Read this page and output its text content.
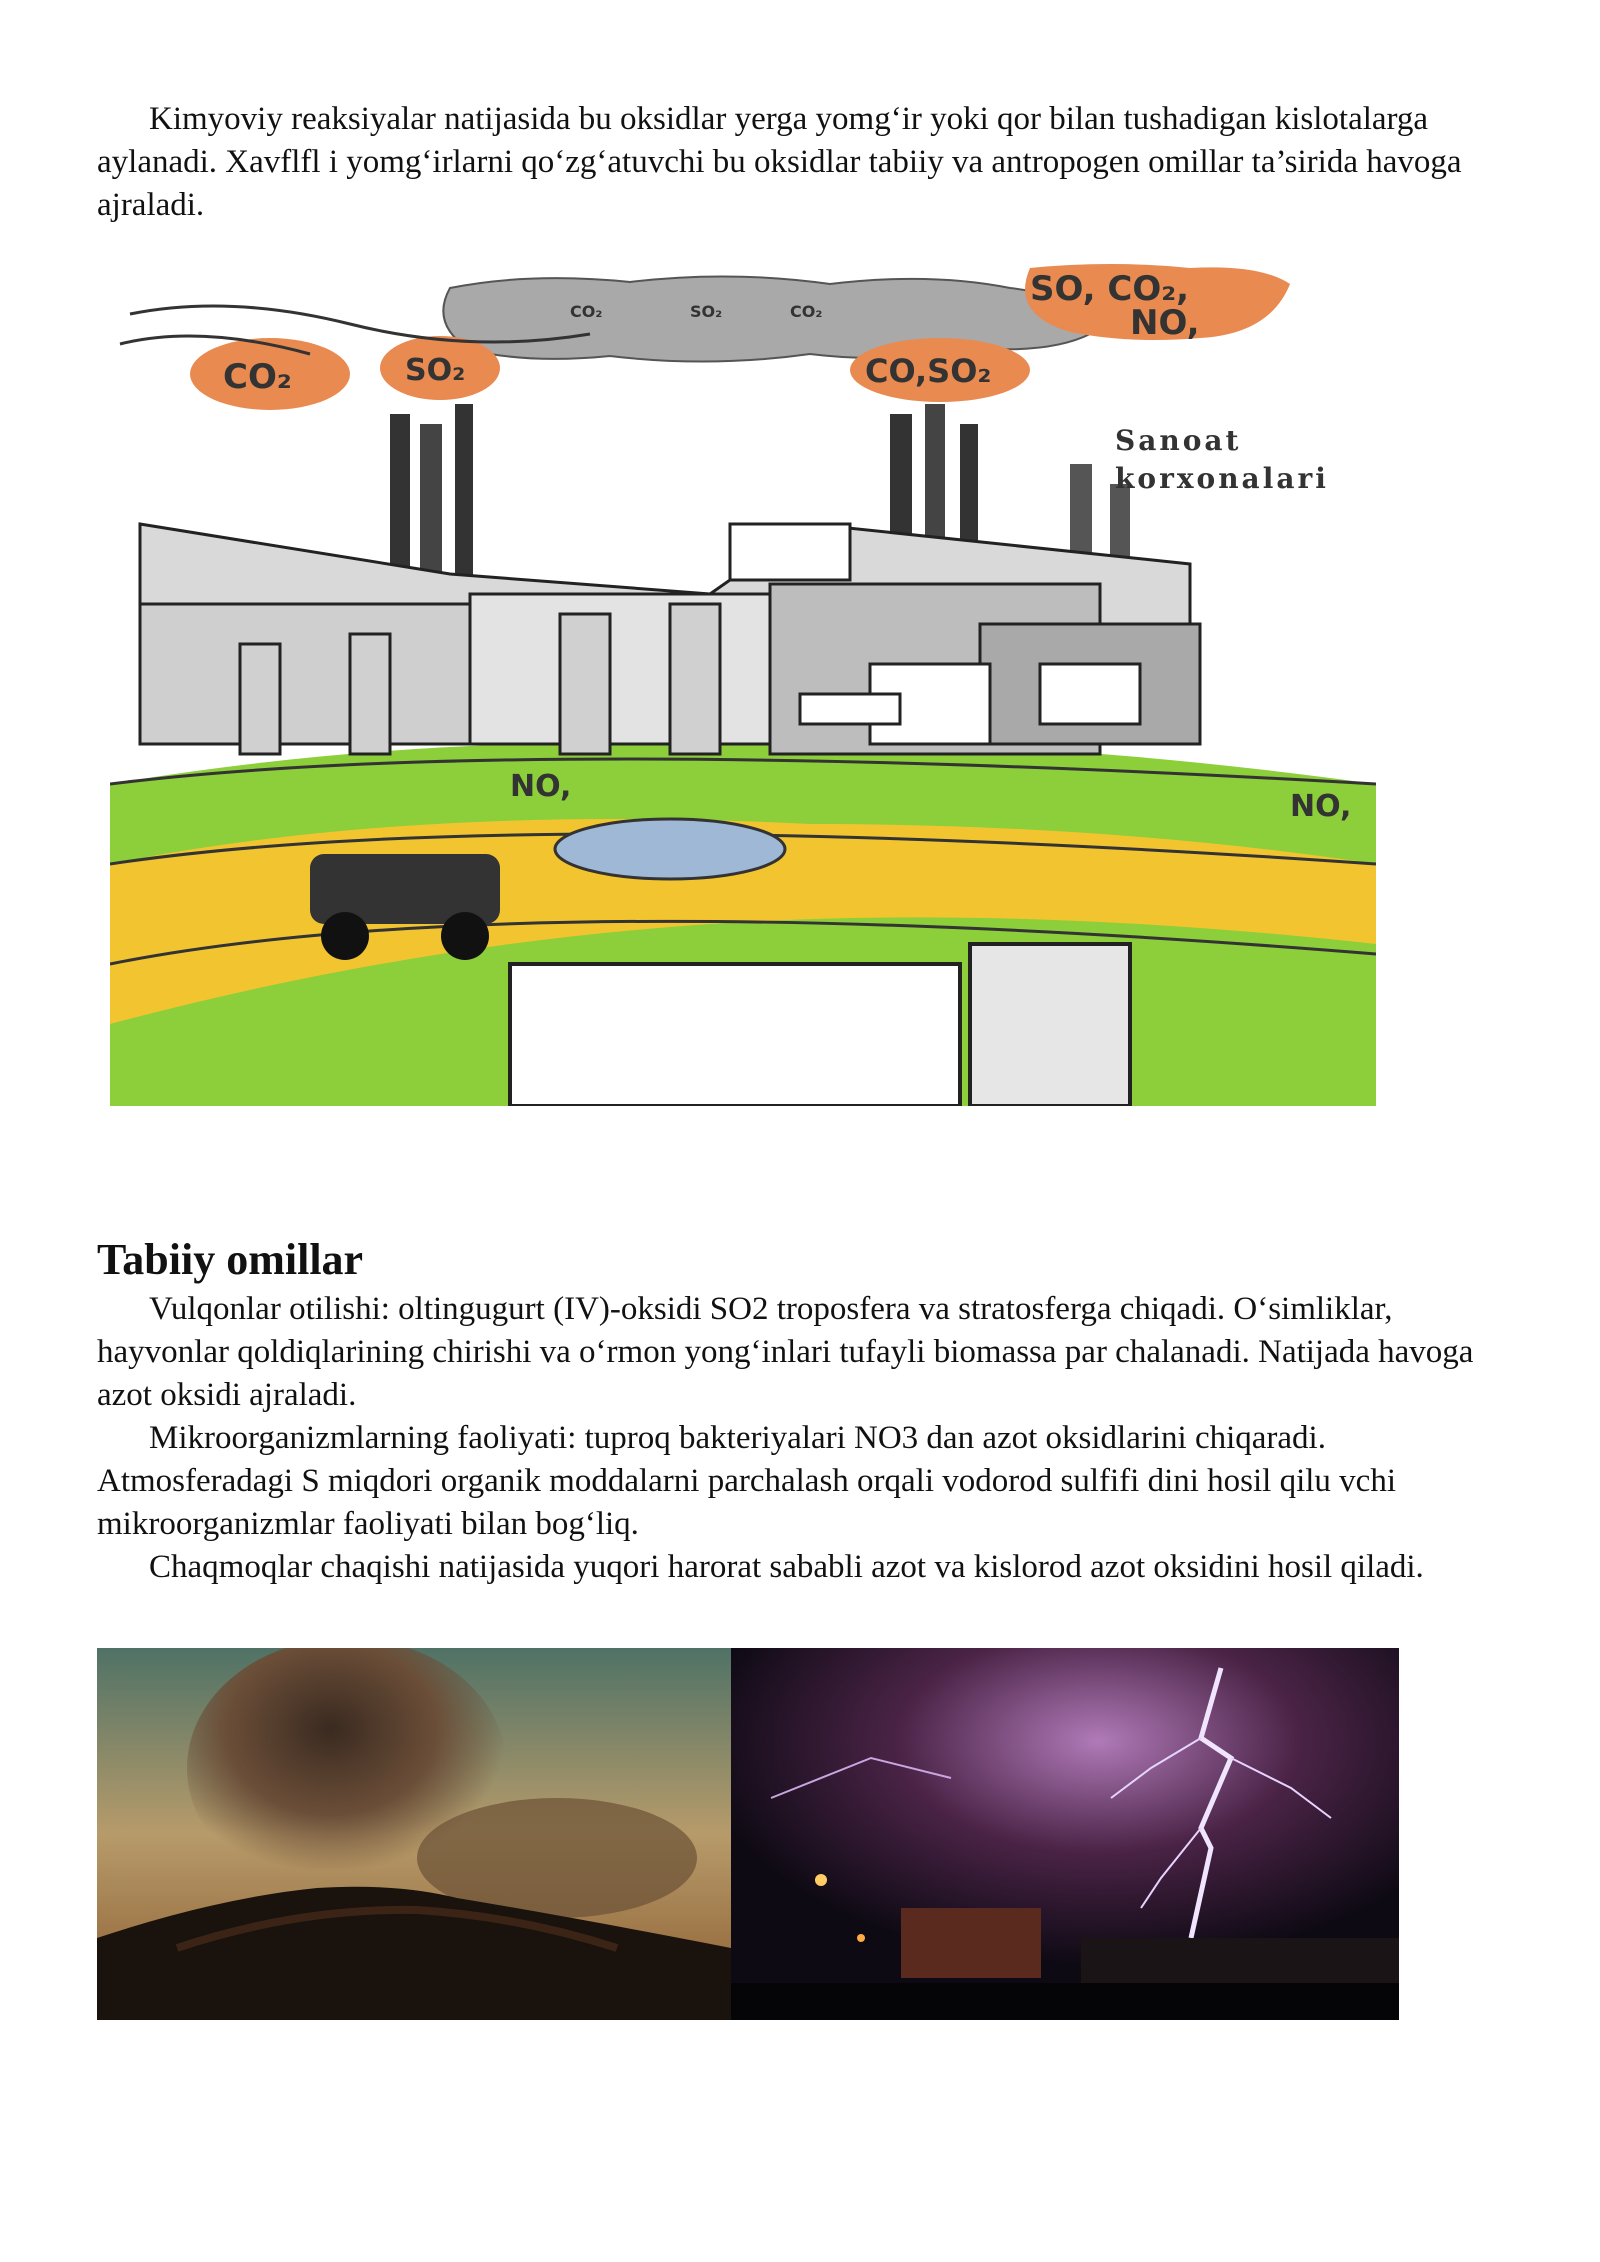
Kimyoviy reaksiyalar natijasida bu oksidlar yerga yomg‘ir yoki qor bilan tushadigan kislotalarga aylanadi. Xavflfl i yomg‘irlarni qo‘zg‘atuvchi bu oksidlar tabiiy va antropogen omillar ta’sirida havoga ajraladi.

CO₂	SO₂	CO,SO₂
SO, CO₂,
NO,
CO₂	SO₂	CO₂
NO,
NO,
Sanoat
korxonalari
Tabiiy omillar

Vulqonlar otilishi: oltingugurt (IV)-oksidi SO2 troposfera va stratosferga chiqadi. O‘simliklar, hayvonlar qoldiqlarining chirishi va o‘rmon yong‘inlari tufayli biomassa par chalanadi. Natijada havoga azot oksidi ajraladi.

Mikroorganizmlarning faoliyati: tuproq bakteriyalari NO3 dan azot oksidlarini chiqaradi. Atmosferadagi S miqdori organik moddalarni parchalash orqali vodorod sulfifi dini hosil qilu vchi mikroorganizmlar faoliyati bilan bog‘liq.

Chaqmoqlar chaqishi natijasida yuqori harorat sababli azot va kislorod azot oksidini hosil qiladi.
